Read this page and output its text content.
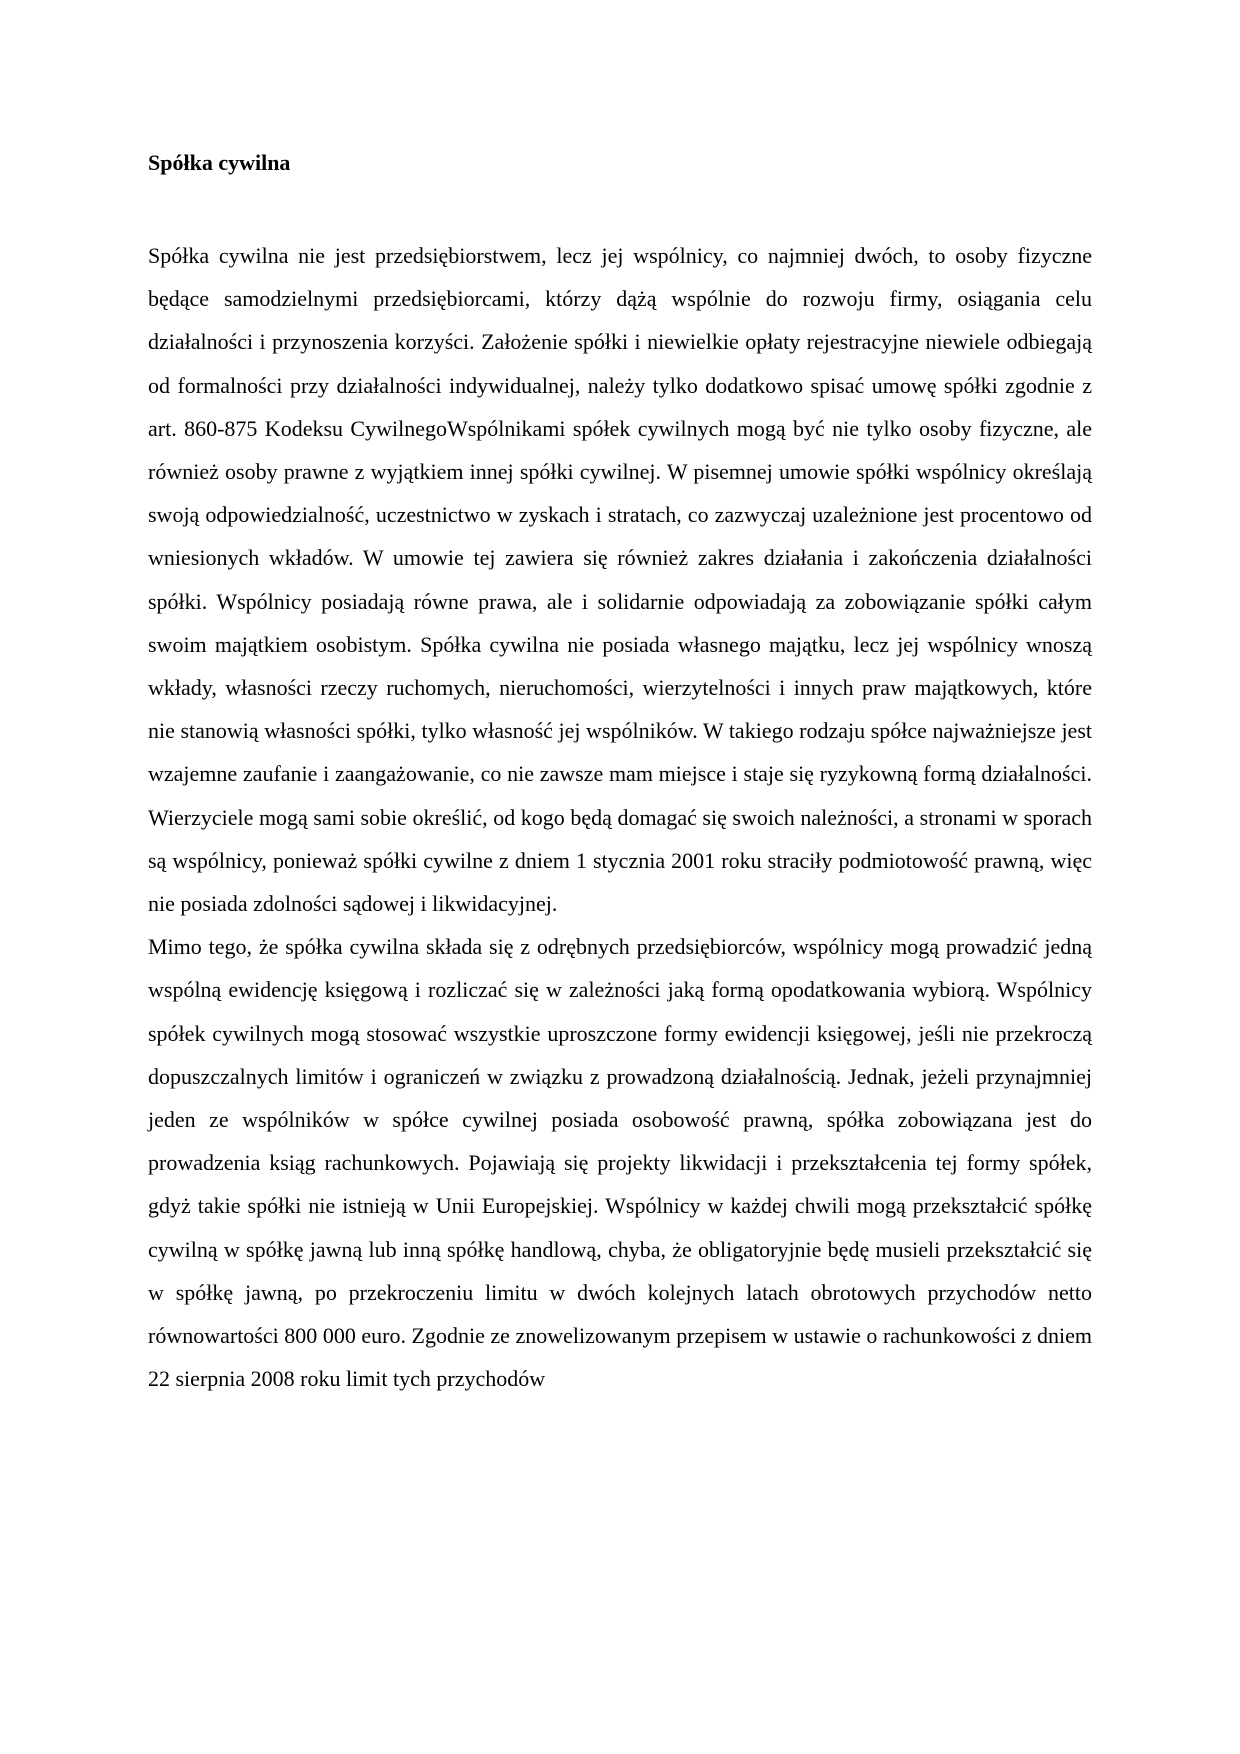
Spółka cywilna

Spółka cywilna nie jest przedsiębiorstwem, lecz jej wspólnicy, co najmniej dwóch, to osoby fizyczne będące samodzielnymi przedsiębiorcami, którzy dążą wspólnie do rozwoju firmy, osiągania celu działalności i przynoszenia korzyści. Założenie spółki i niewielkie opłaty rejestracyjne niewiele odbiegają od formalności przy działalności indywidualnej, należy tylko dodatkowo spisać umowę spółki zgodnie z art. 860-875 Kodeksu CywilnegoWspólnikami spółek cywilnych mogą być nie tylko osoby fizyczne, ale również osoby prawne z wyjątkiem innej spółki cywilnej. W pisemnej umowie spółki wspólnicy określają swoją odpowiedzialność, uczestnictwo w zyskach i stratach, co zazwyczaj uzależnione jest procentowo od wniesionych wkładów. W umowie tej zawiera się również zakres działania i zakończenia działalności spółki. Wspólnicy posiadają równe prawa, ale i solidarnie odpowiadają za zobowiązanie spółki całym swoim majątkiem osobistym. Spółka cywilna nie posiada własnego majątku, lecz jej wspólnicy wnoszą wkłady, własności rzeczy ruchomych, nieruchomości, wierzytelności i innych praw majątkowych, które nie stanowią własności spółki, tylko własność jej wspólników. W takiego rodzaju spółce najważniejsze jest wzajemne zaufanie i zaangażowanie, co nie zawsze mam miejsce i staje się ryzykowną formą działalności. Wierzyciele mogą sami sobie określić, od kogo będą domagać się swoich należności, a stronami w sporach są wspólnicy, ponieważ spółki cywilne z dniem 1 stycznia 2001 roku straciły podmiotowość prawną, więc nie posiada zdolności sądowej i likwidacyjnej.

Mimo tego, że spółka cywilna składa się z odrębnych przedsiębiorców, wspólnicy mogą prowadzić jedną wspólną ewidencję księgową i rozliczać się w zależności jaką formą opodatkowania wybiorą. Wspólnicy spółek cywilnych mogą stosować wszystkie uproszczone formy ewidencji księgowej, jeśli nie przekroczą dopuszczalnych limitów i ograniczeń w związku z prowadzoną działalnością. Jednak, jeżeli przynajmniej jeden ze wspólników w spółce cywilnej posiada osobowość prawną, spółka zobowiązana jest do prowadzenia ksiąg rachunkowych. Pojawiają się projekty likwidacji i przekształcenia tej formy spółek, gdyż takie spółki nie istnieją w Unii Europejskiej. Wspólnicy w każdej chwili mogą przekształcić spółkę cywilną w spółkę jawną lub inną spółkę handlową, chyba, że obligatoryjnie będę musieli przekształcić się w spółkę jawną, po przekroczeniu limitu w dwóch kolejnych latach obrotowych przychodów netto równowartości 800 000 euro. Zgodnie ze znowelizowanym przepisem w ustawie o rachunkowości z dniem 22 sierpnia 2008 roku limit tych przychodów
